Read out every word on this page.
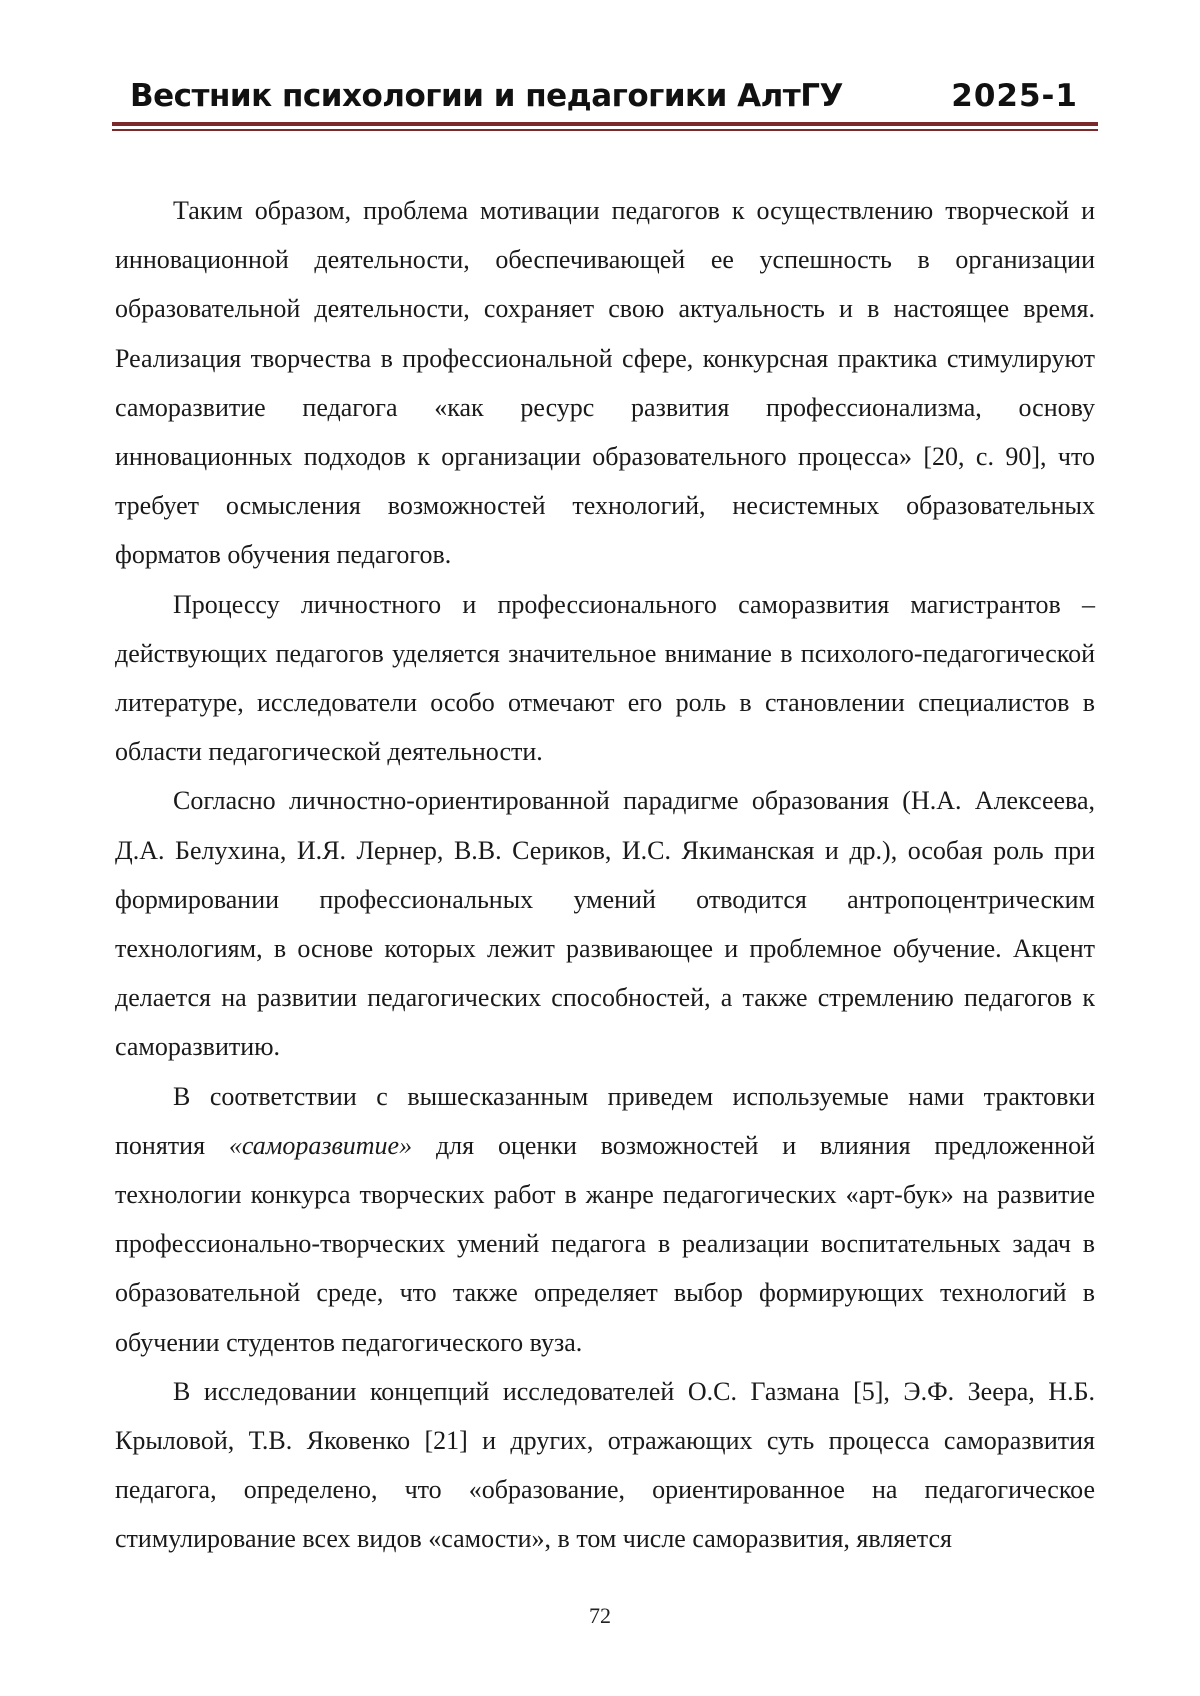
Вестник психологии и педагогики АлтГУ	2025-1

Таким образом, проблема мотивации педагогов к осуществлению творческой и инновационной деятельности, обеспечивающей ее успешность в организации образовательной деятельности, сохраняет свою актуальность и в настоящее время. Реализация творчества в профессиональной сфере, конкурсная практика стимулируют саморазвитие педагога «как ресурс развития профессионализма, основу инновационных подходов к организации образовательного процесса» [20, с. 90], что требует осмысления возможностей технологий, несистемных образовательных форматов обучения педагогов.

Процессу личностного и профессионального саморазвития магистрантов – действующих педагогов уделяется значительное внимание в психолого-педагогической литературе, исследователи особо отмечают его роль в становлении специалистов в области педагогической деятельности.

Согласно личностно-ориентированной парадигме образования (Н.А. Алексеева, Д.А. Белухина, И.Я. Лернер, В.В. Сериков, И.С. Якиманская и др.), особая роль при формировании профессиональных умений отводится антропоцентрическим технологиям, в основе которых лежит развивающее и проблемное обучение. Акцент делается на развитии педагогических способностей, а также стремлению педагогов к саморазвитию.

В соответствии с вышесказанным приведем используемые нами трактовки понятия «саморазвитие» для оценки возможностей и влияния предложенной технологии конкурса творческих работ в жанре педагогических «арт-бук» на развитие профессионально-творческих умений педагога в реализации воспитательных задач в образовательной среде, что также определяет выбор формирующих технологий в обучении студентов педагогического вуза.

В исследовании концепций исследователей О.С. Газмана [5], Э.Ф. Зеера, Н.Б. Крыловой, Т.В. Яковенко [21] и других, отражающих суть процесса саморазвития педагога, определено, что «образование, ориентированное на педагогическое стимулирование всех видов «самости», в том числе саморазвития, является

72
